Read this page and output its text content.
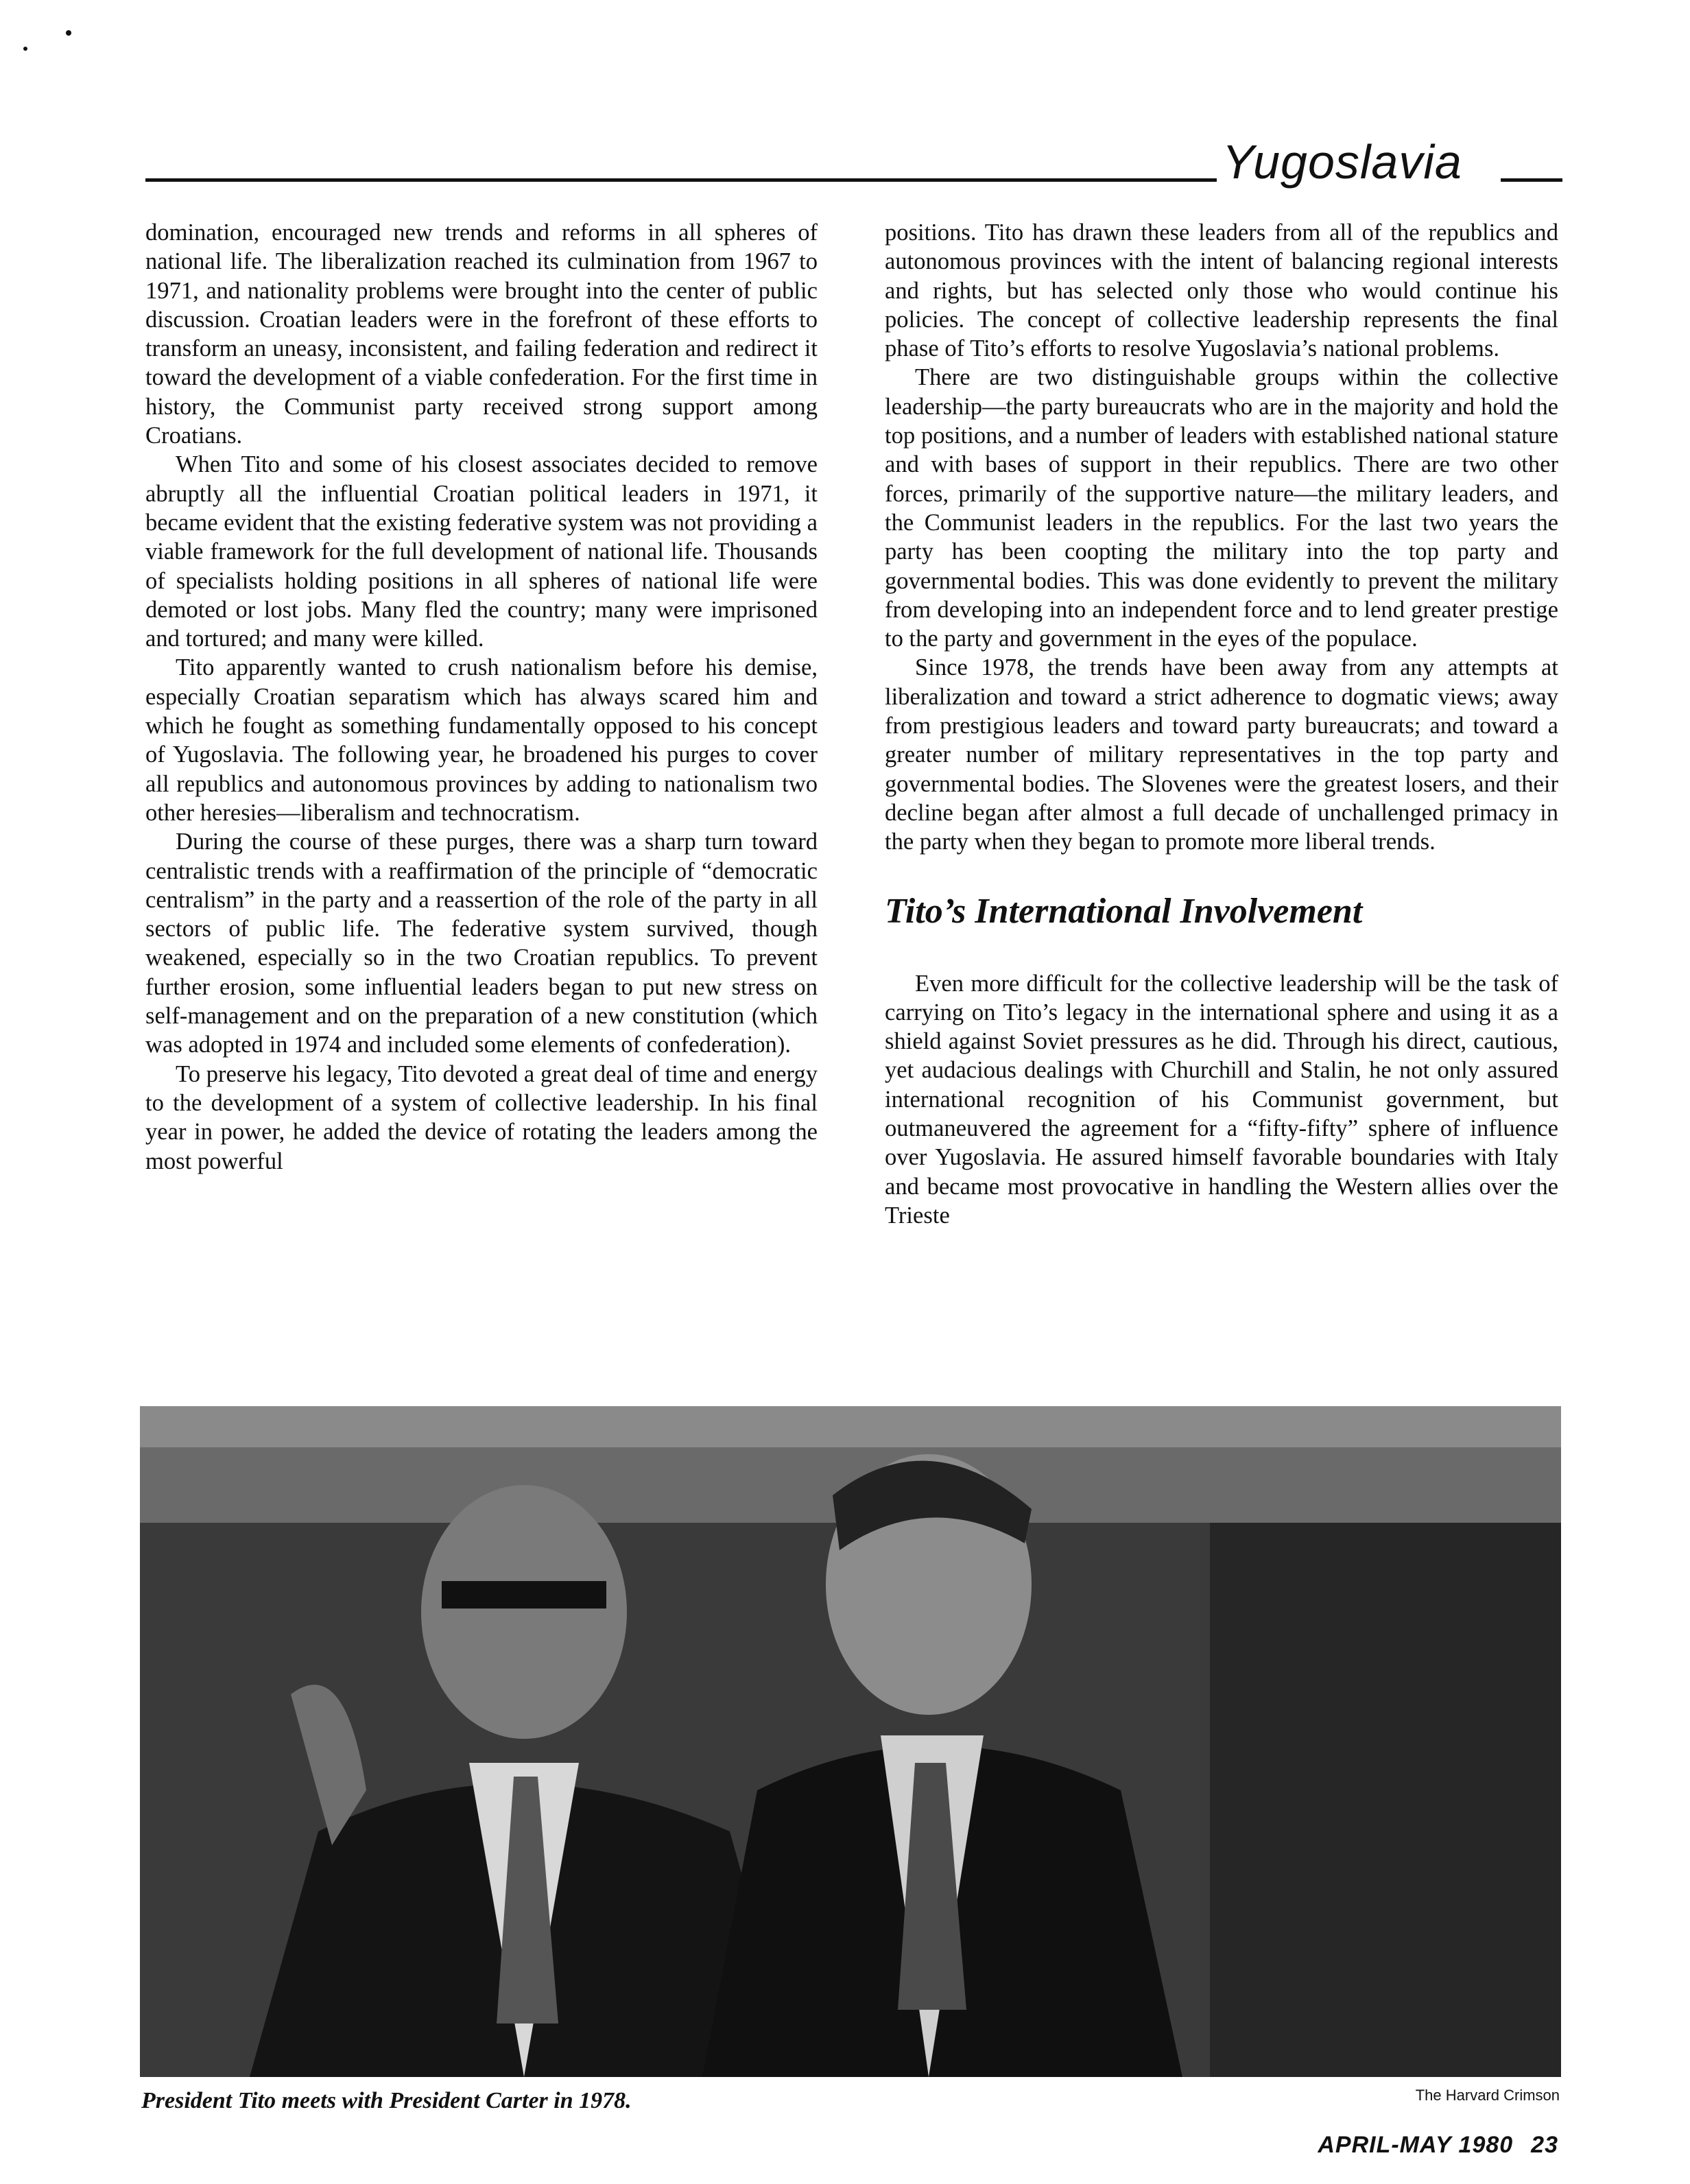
Yugoslavia

domination, encouraged new trends and reforms in all spheres of national life. The liberalization reached its culmination from 1967 to 1971, and nationality problems were brought into the center of public discussion. Croatian leaders were in the forefront of these efforts to transform an uneasy, inconsistent, and failing federation and redirect it toward the development of a viable confederation. For the first time in history, the Communist party received strong support among Croatians.

When Tito and some of his closest associates decided to remove abruptly all the influential Croatian political leaders in 1971, it became evident that the existing federative system was not providing a viable framework for the full development of national life. Thousands of specialists holding positions in all spheres of national life were demoted or lost jobs. Many fled the country; many were imprisoned and tortured; and many were killed.

Tito apparently wanted to crush nationalism before his demise, especially Croatian separatism which has always scared him and which he fought as something fundamentally opposed to his concept of Yugoslavia. The following year, he broadened his purges to cover all republics and autonomous provinces by adding to nationalism two other heresies—liberalism and technocratism.

During the course of these purges, there was a sharp turn toward centralistic trends with a reaffirmation of the principle of “democratic centralism” in the party and a reassertion of the role of the party in all sectors of public life. The federative system survived, though weakened, especially so in the two Croatian republics. To prevent further erosion, some influential leaders began to put new stress on self-management and on the preparation of a new constitution (which was adopted in 1974 and included some elements of confederation).

To preserve his legacy, Tito devoted a great deal of time and energy to the development of a system of collective leadership. In his final year in power, he added the device of rotating the leaders among the most powerful

positions. Tito has drawn these leaders from all of the republics and autonomous provinces with the intent of balancing regional interests and rights, but has selected only those who would continue his policies. The concept of collective leadership represents the final phase of Tito’s efforts to resolve Yugoslavia’s national problems.

There are two distinguishable groups within the collective leadership—the party bureaucrats who are in the majority and hold the top positions, and a number of leaders with established national stature and with bases of support in their republics. There are two other forces, primarily of the supportive nature—the military leaders, and the Communist leaders in the republics. For the last two years the party has been coopting the military into the top party and governmental bodies. This was done evidently to prevent the military from developing into an independent force and to lend greater prestige to the party and government in the eyes of the populace.

Since 1978, the trends have been away from any attempts at liberalization and toward a strict adherence to dogmatic views; away from prestigious leaders and toward party bureaucrats; and toward a greater number of military representatives in the top party and governmental bodies. The Slovenes were the greatest losers, and their decline began after almost a full decade of unchallenged primacy in the party when they began to promote more liberal trends.

Tito’s International Involvement

Even more difficult for the collective leadership will be the task of carrying on Tito’s legacy in the international sphere and using it as a shield against Soviet pressures as he did. Through his direct, cautious, yet audacious dealings with Churchill and Stalin, he not only assured international recognition of his Communist government, but outmaneuvered the agreement for a “fifty-fifty” sphere of influence over Yugoslavia. He assured himself favorable boundaries with Italy and became most provocative in handling the Western allies over the Trieste

President Tito meets with President Carter in 1978.	The Harvard Crimson
APRIL-MAY 1980 23
